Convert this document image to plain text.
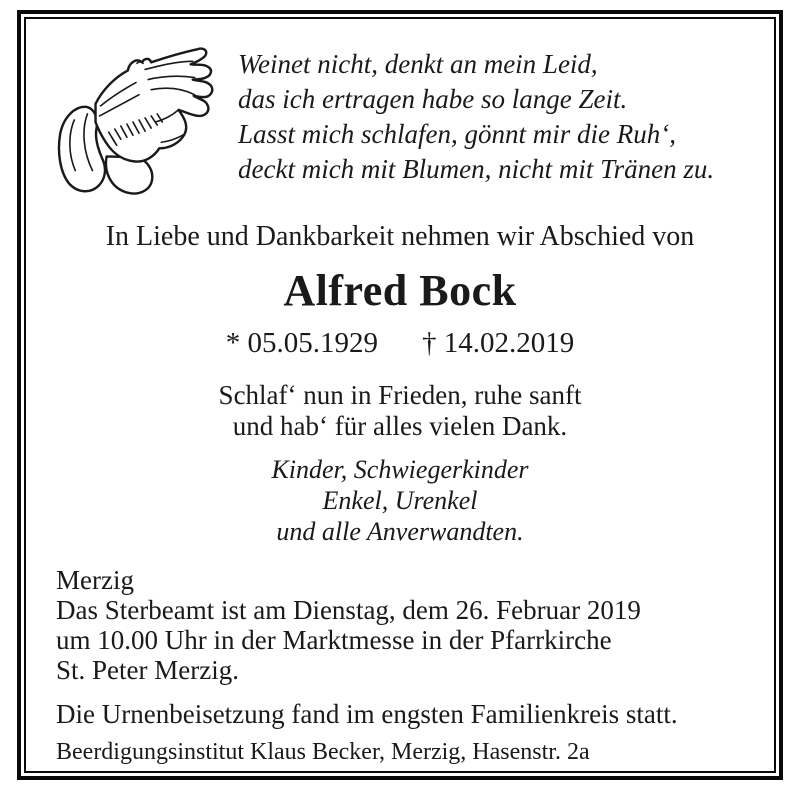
Weinet nicht, denkt an mein Leid,
das ich ertragen habe so lange Zeit.
Lasst mich schlafen, gönnt mir die Ruh‘,
deckt mich mit Blumen, nicht mit Tränen zu.
In Liebe und Dankbarkeit nehmen wir Abschied von
Alfred Bock
* 05.05.1929 † 14.02.2019
Schlaf‘ nun in Frieden, ruhe sanft
und hab‘ für alles vielen Dank.
Kinder, Schwiegerkinder
Enkel, Urenkel
und alle Anverwandten.
Merzig
Das Sterbeamt ist am Dienstag, dem 26. Februar 2019
um 10.00 Uhr in der Marktmesse in der Pfarrkirche
St. Peter Merzig.
Die Urnenbeisetzung fand im engsten Familienkreis statt.
Beerdigungsinstitut Klaus Becker, Merzig, Hasenstr. 2a
